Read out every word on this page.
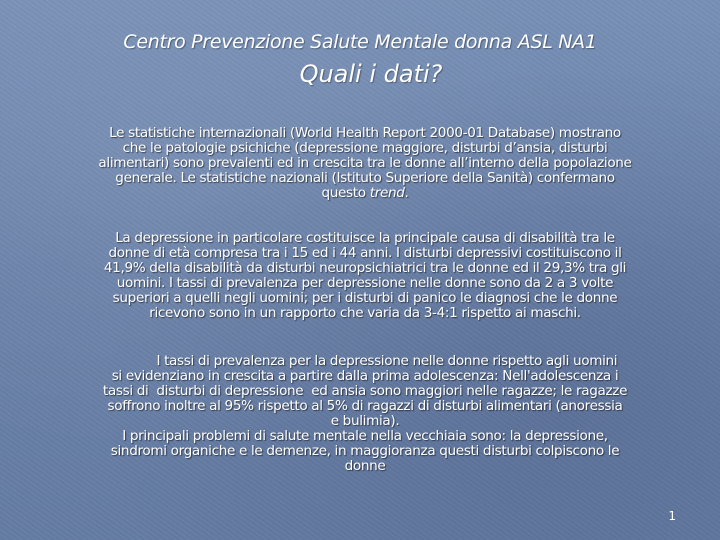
Centro Prevenzione Salute Mentale donna ASL NA1
Quali i dati?
Le statistiche internazionali (World Health Report 2000-01 Database) mostrano
che le patologie psichiche (depressione maggiore, disturbi d’ansia, disturbi
alimentari) sono prevalenti ed in crescita tra le donne all’interno della popolazione
generale. Le statistiche nazionali (Istituto Superiore della Sanità) confermano
questo trend.
La depressione in particolare costituisce la principale causa di disabilità tra le
donne di età compresa tra i 15 ed i 44 anni. I disturbi depressivi costituiscono il
41,9% della disabilità da disturbi neuropsichiatrici tra le donne ed il 29,3% tra gli
uomini. I tassi di prevalenza per depressione nelle donne sono da 2 a 3 volte
superiori a quelli negli uomini; per i disturbi di panico le diagnosi che le donne
ricevono sono in un rapporto che varia da 3-4:1 rispetto ai maschi.
I tassi di prevalenza per la depressione nelle donne rispetto agli uomini
si evidenziano in crescita a partire dalla prima adolescenza: Nell'adolescenza i
tassi di  disturbi di depressione  ed ansia sono maggiori nelle ragazze; le ragazze
soffrono inoltre al 95% rispetto al 5% di ragazzi di disturbi alimentari (anoressia
e bulimia).
I principali problemi di salute mentale nella vecchiaia sono: la depressione,
sindromi organiche e le demenze, in maggioranza questi disturbi colpiscono le
donne
1
